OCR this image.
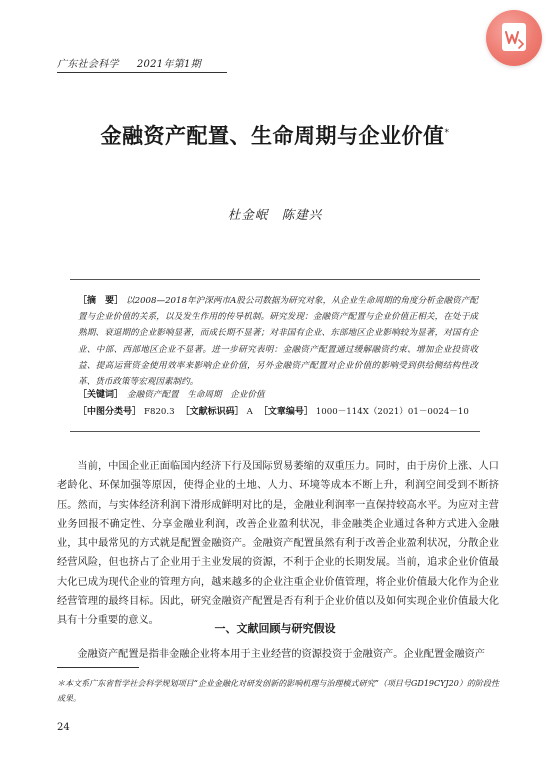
广东社会科学 2021年第1期
金融资产配置、生命周期与企业价值*
杜金岷　陈建兴
［摘　要］ 以2008—2018年沪深两市A股公司数据为研究对象，从企业生命周期的角度分析金融资产配置与企业价值的关系，以及发生作用的传导机制。研究发现：金融资产配置与企业价值正相关，在处于成熟期、衰退期的企业影响显著，而成长期不显著；对非国有企业、东部地区企业影响较为显著，对国有企业、中部、西部地区企业不显著。进一步研究表明：金融资产配置通过缓解融资约束、增加企业投资收益、提高运营资金使用效率来影响企业价值，另外金融资产配置对企业价值的影响受到供给侧结构性改革、货币政策等宏观因素制约。
［关键词］ 金融资产配置　 生命周期　 企业价值
［中图分类号］ F820.3 ［文献标识码］ A ［文章编号］ 1000－114X（2021）01－0024－10
当前，中国企业正面临国内经济下行及国际贸易萎缩的双重压力。同时，由于房价上涨、人口老龄化、环保加强等原因，使得企业的土地、人力、环境等成本不断上升，利润空间受到不断挤压。然而，与实体经济利润下滑形成鲜明对比的是，金融业利润率一直保持较高水平。为应对主营业务回报不确定性、分享金融业利润，改善企业盈利状况，非金融类企业通过各种方式进入金融业，其中最常见的方式就是配置金融资产。金融资产配置虽然有利于改善企业盈利状况，分散企业经营风险，但也挤占了企业用于主业发展的资源，不利于企业的长期发展。当前，追求企业价值最大化已成为现代企业的管理方向，越来越多的企业注重企业价值管理，将企业价值最大化作为企业经营管理的最终目标。因此，研究金融资产配置是否有利于企业价值以及如何实现企业价值最大化具有十分重要的意义。
一、文献回顾与研究假设
金融资产配置是指非金融企业将本用于主业经营的资源投资于金融资产。企业配置金融资产
＊本文系广东省哲学社会科学规划项目“企业金融化对研发创新的影响机理与治理模式研究”（项目号GD19CYJ20）的阶段性成果。
24
